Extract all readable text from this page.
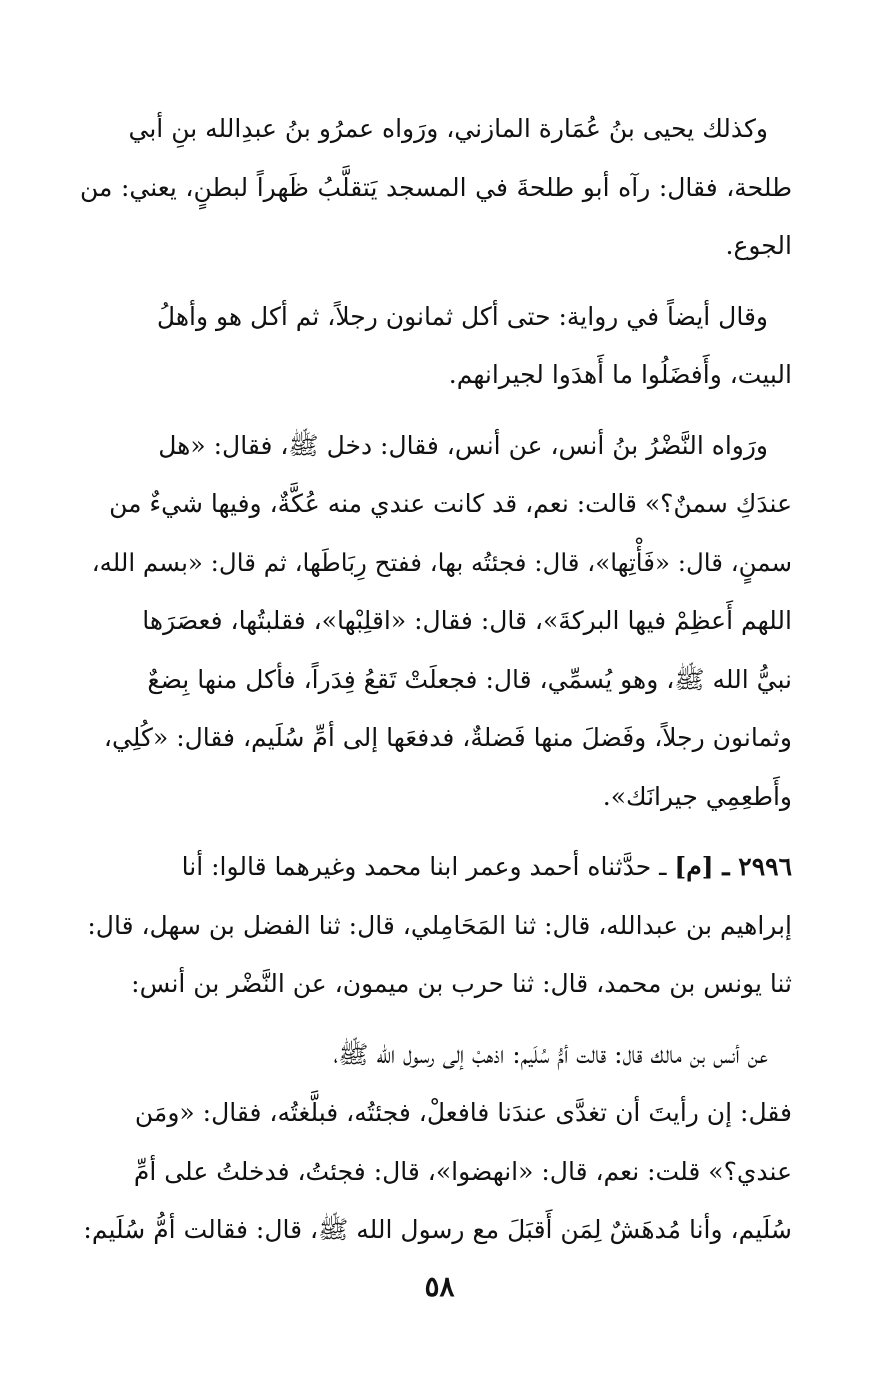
وكذلك يحيى بنُ عُمَارة المازني، ورَواه عمرُو بنُ عبدِالله بنِ أبي
طلحة، فقال: رآه أبو طلحةَ في المسجد يَتقلَّبُ ظَهراً لبطنٍ، يعني: من
الجوع.
وقال أيضاً في رواية: حتى أكل ثمانون رجلاً، ثم أكل هو وأهلُ
البيت، وأَفضَلُوا ما أَهدَوا لجيرانهم.
ورَواه النَّضْرُ بنُ أنس، عن أنس، فقال: دخل ﷺ، فقال: «هل
عندَكِ سمنٌ؟» قالت: نعم، قد كانت عندي منه عُكَّةٌ، وفيها شيءٌ من
سمنٍ، قال: «فَأْتِها»، قال: فجئتُه بها، ففتح رِبَاطَها، ثم قال: «بسم الله،
اللهم أَعظِمْ فيها البركةَ»، قال: فقال: «اقلِبْها»، فقلبتُها، فعصَرَها
نبيُّ الله ﷺ، وهو يُسمِّي، قال: فجعلَتْ تَقعُ فِدَراً، فأكل منها بِضعٌ
وثمانون رجلاً، وفَضلَ منها فَضلةٌ، فدفعَها إلى أمِّ سُلَيم، فقال: «كُلِي،
وأَطعِمِي جيرانَك».
٢٩٩٦ ـ [م] ـ حدَّثناه أحمد وعمر ابنا محمد وغيرهما قالوا: أنا
إبراهيم بن عبدالله، قال: ثنا المَحَامِلي، قال: ثنا الفضل بن سهل، قال:
ثنا يونس بن محمد، قال: ثنا حرب بن ميمون، عن النَّضْر بن أنس:
عن أنس بن مالك قال: قالت أمُّ سُلَيم: اذهبْ إلى رسول الله ﷺ،
فقل: إن رأيتَ أن تغدَّى عندَنا فافعلْ، فجئتُه، فبلَّغتُه، فقال: «ومَن
عندي؟» قلت: نعم، قال: «انهضوا»، قال: فجئتُ، فدخلتُ على أمِّ
سُلَيم، وأنا مُدهَشٌ لِمَن أَقبَلَ مع رسول الله ﷺ، قال: فقالت أمُّ سُلَيم:
٥٨
